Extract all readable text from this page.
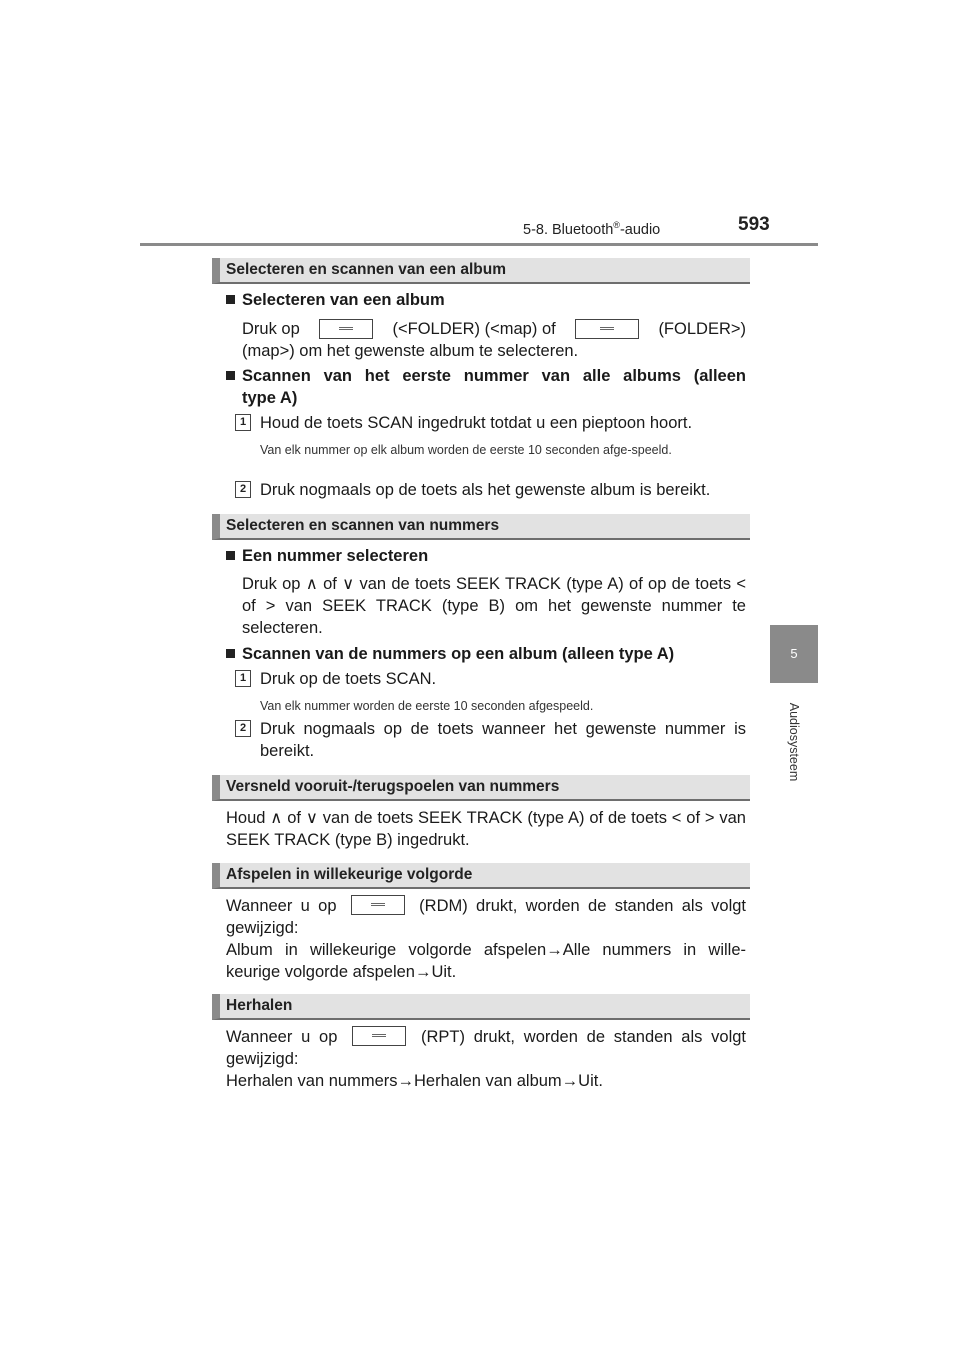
5-8. Bluetooth®-audio	593
5
Audiosysteem
Selecteren en scannen van een album
Selecteren van een album
Druk op	(<FOLDER) (<map) of	(FOLDER>)
(map>) om het gewenste album te selecteren.
Scannen van het eerste nummer van alle albums (alleen
type A)
1 Houd de toets SCAN ingedrukt totdat u een pieptoon hoort.
Van elk nummer op elk album worden de eerste 10 seconden afge-speeld.
2 Druk nogmaals op de toets als het gewenste album is bereikt.
Selecteren en scannen van nummers
Een nummer selecteren
Druk op ∧ of ∨ van de toets SEEK TRACK (type A) of op de toets < of > van SEEK TRACK (type B) om het gewenste nummer te selecteren.
Scannen van de nummers op een album (alleen type A)
1 Druk op de toets SCAN.
Van elk nummer worden de eerste 10 seconden afgespeeld.
2 Druk nogmaals op de toets wanneer het gewenste nummer is bereikt.
Versneld vooruit-/terugspoelen van nummers
Houd ∧ of ∨ van de toets SEEK TRACK (type A) of de toets < of > van SEEK TRACK (type B) ingedrukt.
Afspelen in willekeurige volgorde
Wanneer u op	(RDM) drukt, worden de standen als volgt gewijzigd:
Album in willekeurige volgorde afspelen→Alle nummers in wille-keurige volgorde afspelen→Uit.
Herhalen
Wanneer u op	(RPT) drukt, worden de standen als volgt gewijzigd:
Herhalen van nummers→Herhalen van album→Uit.
